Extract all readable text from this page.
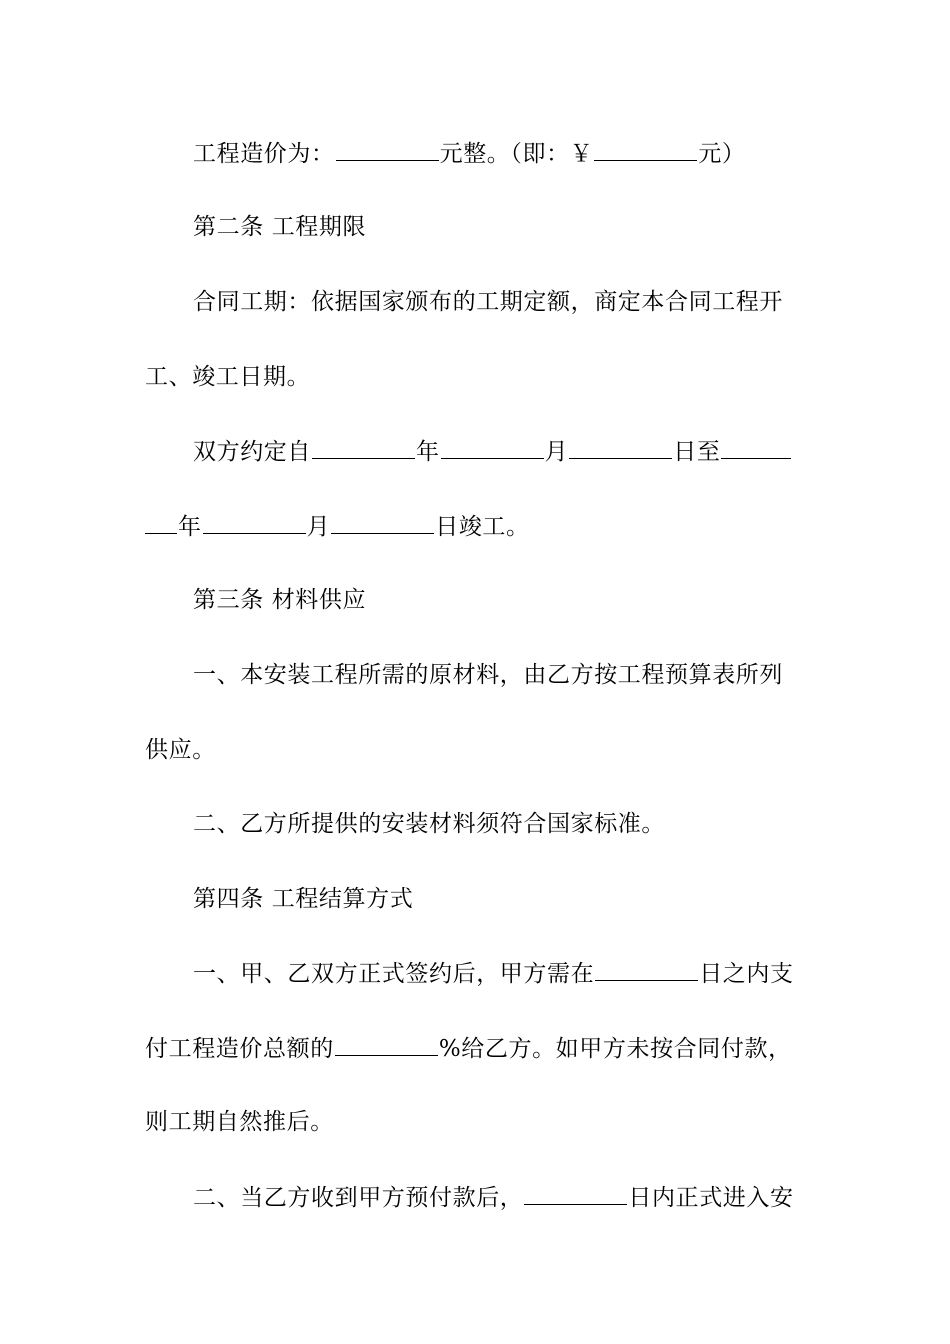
工程造价为：	元整。（即：￥	元）
第二条 工程期限
合同工期：依据国家颁布的工期定额，商定本合同工程开
工、竣工日期。
双方约定自	年	月	日至
年	月	日竣工。
第三条 材料供应
一、本安装工程所需的原材料，由乙方按工程预算表所列
供应。
二、乙方所提供的安装材料须符合国家标准。
第四条 工程结算方式
一、甲、乙双方正式签约后，甲方需在	日之内支
付工程造价总额的	%给乙方。如甲方未按合同付款，
则工期自然推后。
二、当乙方收到甲方预付款后，	日内正式进入安
